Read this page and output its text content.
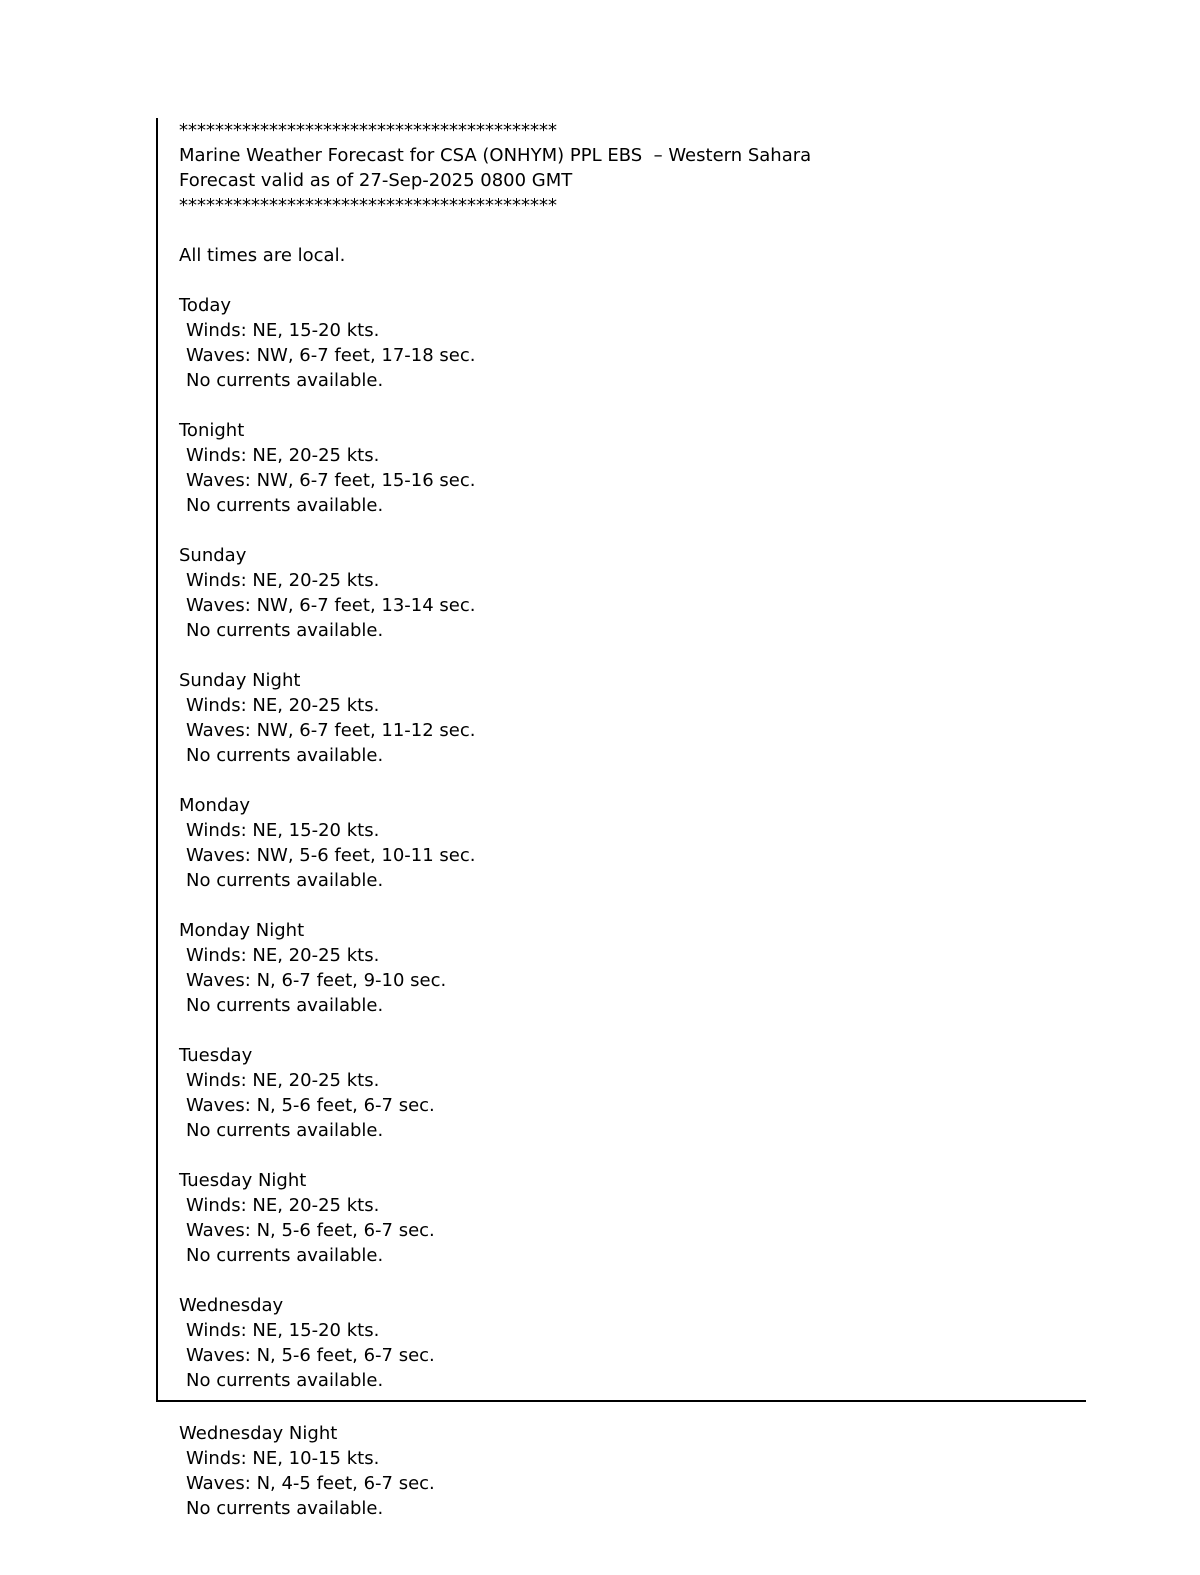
******************************************
Marine Weather Forecast for CSA (ONHYM) PPL EBS  – Western Sahara
Forecast valid as of 27-Sep-2025 0800 GMT
******************************************
All times are local.
Today
Winds: NE, 15-20 kts.
Waves: NW, 6-7 feet, 17-18 sec.
No currents available.
Tonight
Winds: NE, 20-25 kts.
Waves: NW, 6-7 feet, 15-16 sec.
No currents available.
Sunday
Winds: NE, 20-25 kts.
Waves: NW, 6-7 feet, 13-14 sec.
No currents available.
Sunday Night
Winds: NE, 20-25 kts.
Waves: NW, 6-7 feet, 11-12 sec.
No currents available.
Monday
Winds: NE, 15-20 kts.
Waves: NW, 5-6 feet, 10-11 sec.
No currents available.
Monday Night
Winds: NE, 20-25 kts.
Waves: N, 6-7 feet, 9-10 sec.
No currents available.
Tuesday
Winds: NE, 20-25 kts.
Waves: N, 5-6 feet, 6-7 sec.
No currents available.
Tuesday Night
Winds: NE, 20-25 kts.
Waves: N, 5-6 feet, 6-7 sec.
No currents available.
Wednesday
Winds: NE, 15-20 kts.
Waves: N, 5-6 feet, 6-7 sec.
No currents available.
Wednesday Night
Winds: NE, 10-15 kts.
Waves: N, 4-5 feet, 6-7 sec.
No currents available.
